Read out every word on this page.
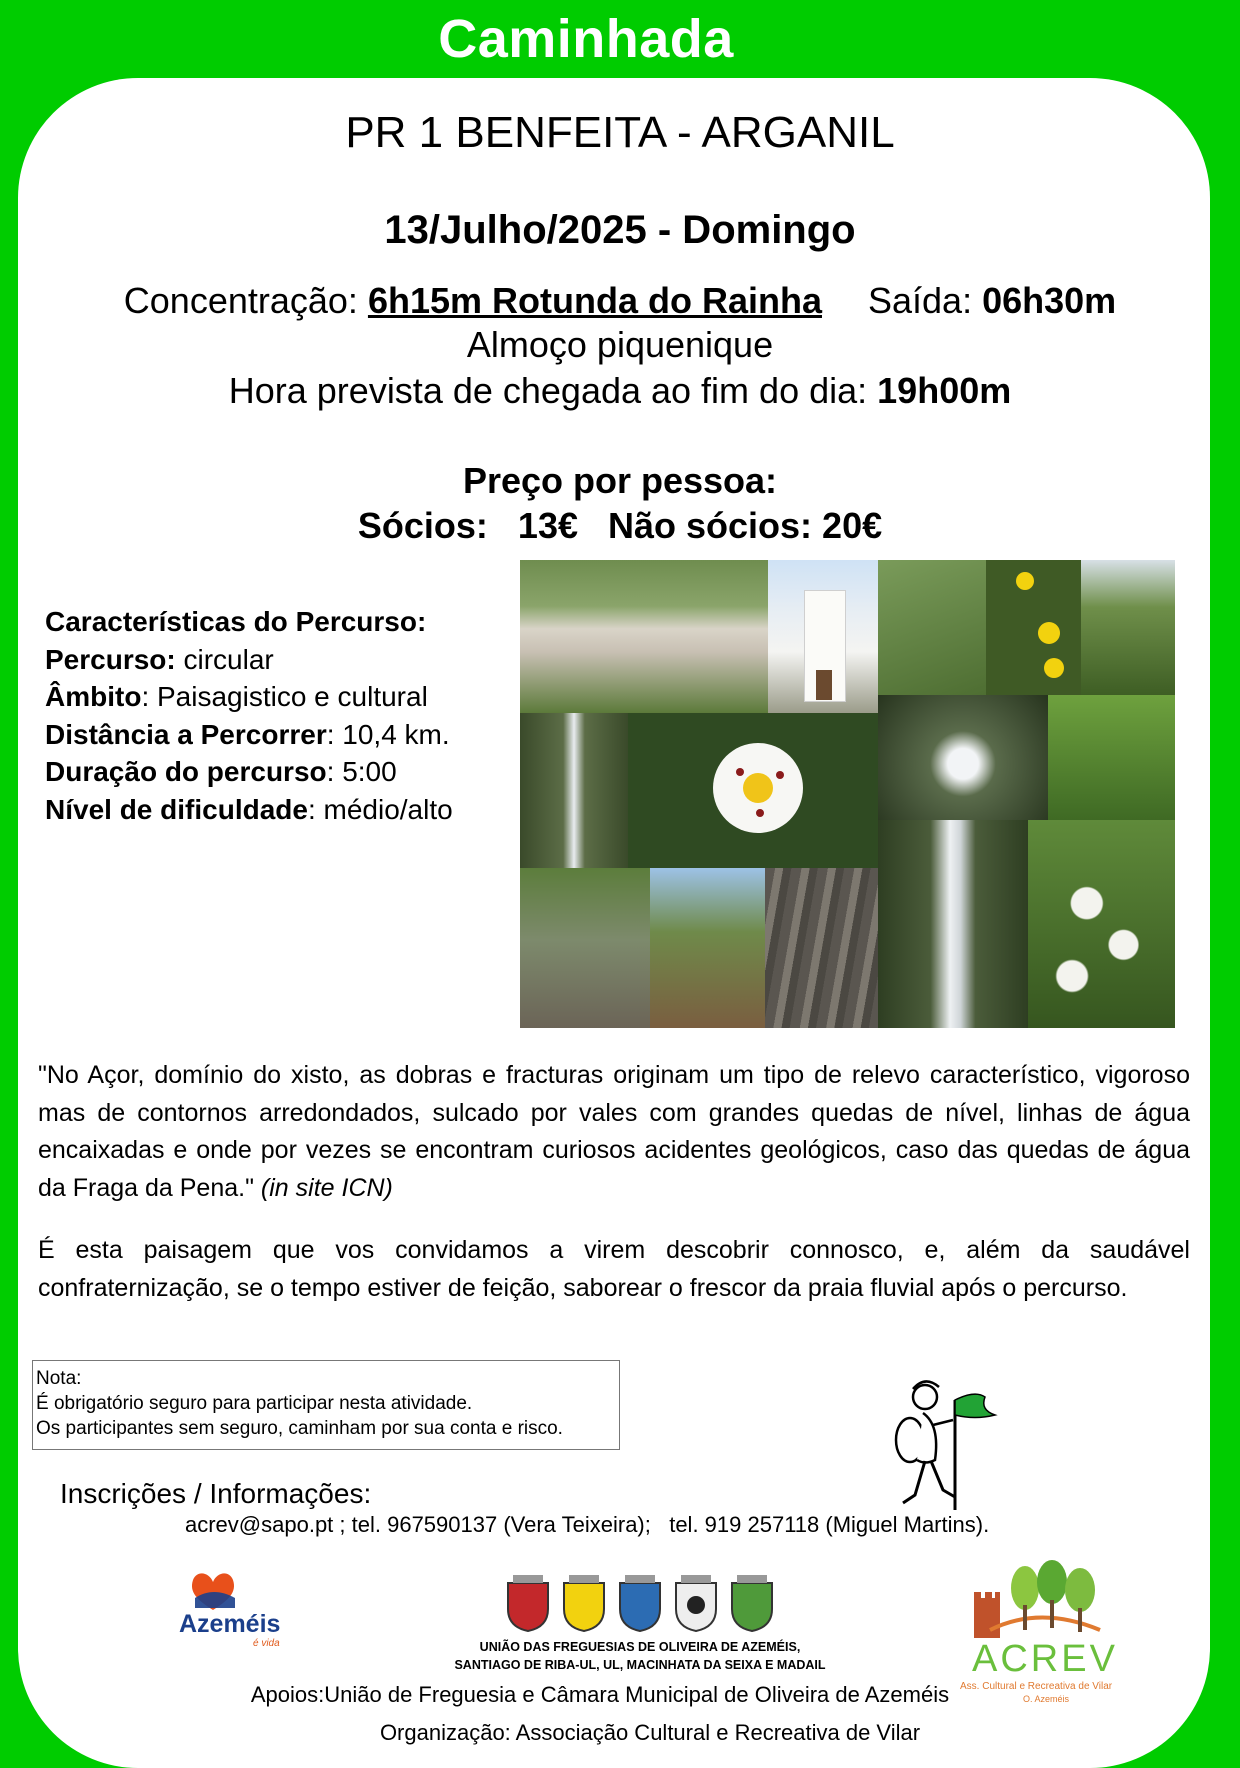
Caminhada
PR 1 BENFEITA - ARGANIL
13/Julho/2025 - Domingo
Concentração: 6h15m Rotunda do Rainha Saída: 06h30m
Almoço piquenique
Hora prevista de chegada ao fim do dia: 19h00m
Preço por pessoa:
Sócios:   13€   Não sócios: 20€
Características do Percurso:
Percurso: circular
Âmbito: Paisagistico e cultural
Distância a Percorrer: 10,4 km.
Duração do percurso: 5:00
Nível de dificuldade: médio/alto
"No Açor, domínio do xisto, as dobras e fracturas originam um tipo de relevo característico, vigoroso mas de contornos arredondados, sulcado por vales com grandes quedas de nível, linhas de água encaixadas e onde por vezes se encontram curiosos acidentes geológicos, caso das quedas de água da Fraga da Pena." (in site ICN)
É esta paisagem que vos convidamos a virem descobrir connosco, e, além da saudável confraternização, se o tempo estiver de feição, saborear o frescor da praia fluvial após o percurso.
Nota:
É obrigatório seguro para participar nesta atividade.
Os participantes sem seguro, caminham por sua conta e risco.
Inscrições / Informações:
acrev@sapo.pt ; tel. 967590137 (Vera Teixeira);   tel. 919 257118 (Miguel Martins).
Azeméis
é vida	UNIÃO DAS FREGUESIAS DE OLIVEIRA DE AZEMÉIS,
SANTIAGO DE RIBA-UL, UL, MACINHATA DA SEIXA E MADAIL	ACREV
Ass. Cultural e Recreativa de Vilar
O. Azeméis
Apoios:União de Freguesia e Câmara Municipal de Oliveira de Azeméis
Organização: Associação Cultural e Recreativa de Vilar
